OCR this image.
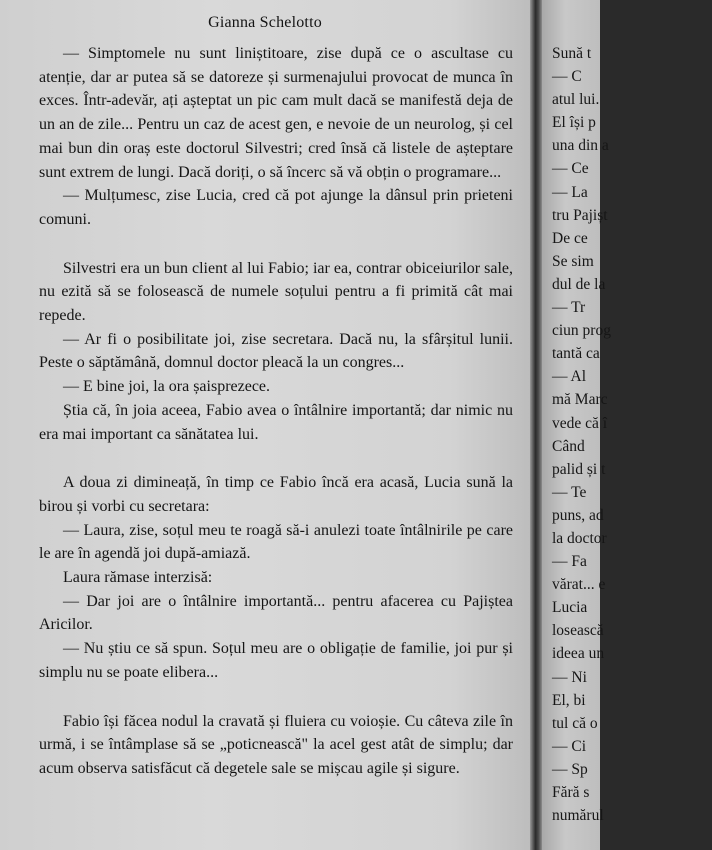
Gianna Schelotto

— Simptomele nu sunt liniștitoare, zise după ce o ascultase cu atenție, dar ar putea să se datoreze și surmenajului provocat de munca în exces. Într-adevăr, ați așteptat un pic cam mult dacă se manifestă deja de un an de zile... Pentru un caz de acest gen, e nevoie de un neurolog, și cel mai bun din oraș este doctorul Silvestri; cred însă că listele de așteptare sunt extrem de lungi. Dacă doriți, o să încerc să vă obțin o programare...

— Mulțumesc, zise Lucia, cred că pot ajunge la dânsul prin prieteni comuni.

Silvestri era un bun client al lui Fabio; iar ea, contrar obiceiurilor sale, nu ezită să se folosească de numele soțului pentru a fi primită cât mai repede.

— Ar fi o posibilitate joi, zise secretara. Dacă nu, la sfârșitul lunii. Peste o săptămână, domnul doctor pleacă la un congres...

— E bine joi, la ora șaisprezece.

Știa că, în joia aceea, Fabio avea o întâlnire importantă; dar nimic nu era mai important ca sănătatea lui.

A doua zi dimineață, în timp ce Fabio încă era acasă, Lucia sună la birou și vorbi cu secretara:

— Laura, zise, soțul meu te roagă să-i anulezi toate întâlnirile pe care le are în agendă joi după-amiază.

Laura rămase interzisă:

— Dar joi are o întâlnire importantă... pentru afacerea cu Pajiștea Aricilor.

— Nu știu ce să spun. Soțul meu are o obligație de familie, joi pur și simplu nu se poate elibera...

Fabio își făcea nodul la cravată și fluiera cu voioșie. Cu câteva zile în urmă, i se întâmplase să se „poticnească" la acel gest atât de simplu; dar acum observa satisfăcut că degetele sale se mișcau agile și sigure.

Sună t
— C
atul lui.
El își p
una din a
— Ce
— La
tru Pajișt
De ce
Se sim
dul de la
— Tr
ciun prog
tantă ca
— Al
mă Marc
vede că î
Când
palid și t
— Te
puns, ad
la doctor
— Fa
vărat... e
Lucia
losească
ideea un
— Ni
El, bi
tul că o
— Ci
— Sp
Fără s
numărul
